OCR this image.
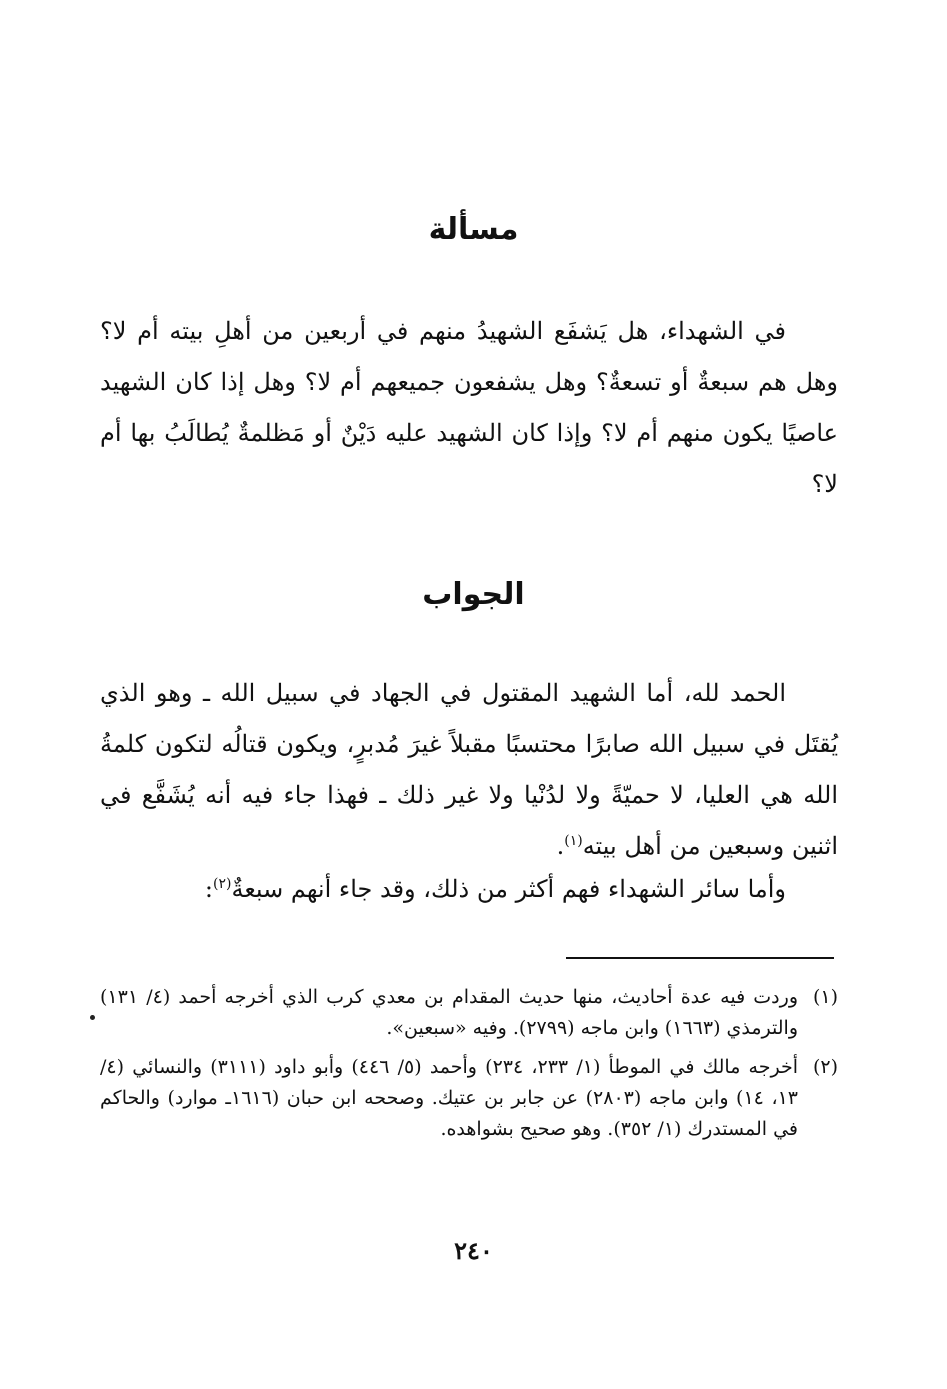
مسألة

في الشهداء، هل يَشفَع الشهيدُ منهم في أربعين من أهلِ بيته أم لا؟ وهل هم سبعةٌ أو تسعةٌ؟ وهل يشفعون جميعهم أم لا؟ وهل إذا كان الشهيد عاصيًا يكون منهم أم لا؟ وإذا كان الشهيد عليه دَيْنٌ أو مَظلمةٌ يُطالَبُ بها أم لا؟

الجواب

الحمد لله، أما الشهيد المقتول في الجهاد في سبيل الله ـ وهو الذي يُقتَل في سبيل الله صابرًا محتسبًا مقبلاً غيرَ مُدبرٍ، ويكون قتالُه لتكون كلمةُ الله هي العليا، لا حميّةً ولا لدُنْيا ولا غير ذلك ـ فهذا جاء فيه أنه يُشَفَّع في اثنين وسبعين من أهل بيته$^{(١)}$.

وأما سائر الشهداء فهم أكثر من ذلك، وقد جاء أنهم سبعةٌ$^{(٢)}$:

(١)
وردت فيه عدة أحاديث، منها حديث المقدام بن معدي كرب الذي أخرجه أحمد (٤/ ١٣١) والترمذي (١٦٦٣) وابن ماجه (٢٧٩٩). وفيه «سبعين».
(٢)
أخرجه مالك في الموطأ (١/ ٢٣٣، ٢٣٤) وأحمد (٥/ ٤٤٦) وأبو داود (٣١١١) والنسائي (٤/ ١٣، ١٤) وابن ماجه (٢٨٠٣) عن جابر بن عتيك. وصححه ابن حبان (١٦١٦ـ موارد) والحاكم في المستدرك (١/ ٣٥٢). وهو صحيح بشواهده.

٢٤٠
